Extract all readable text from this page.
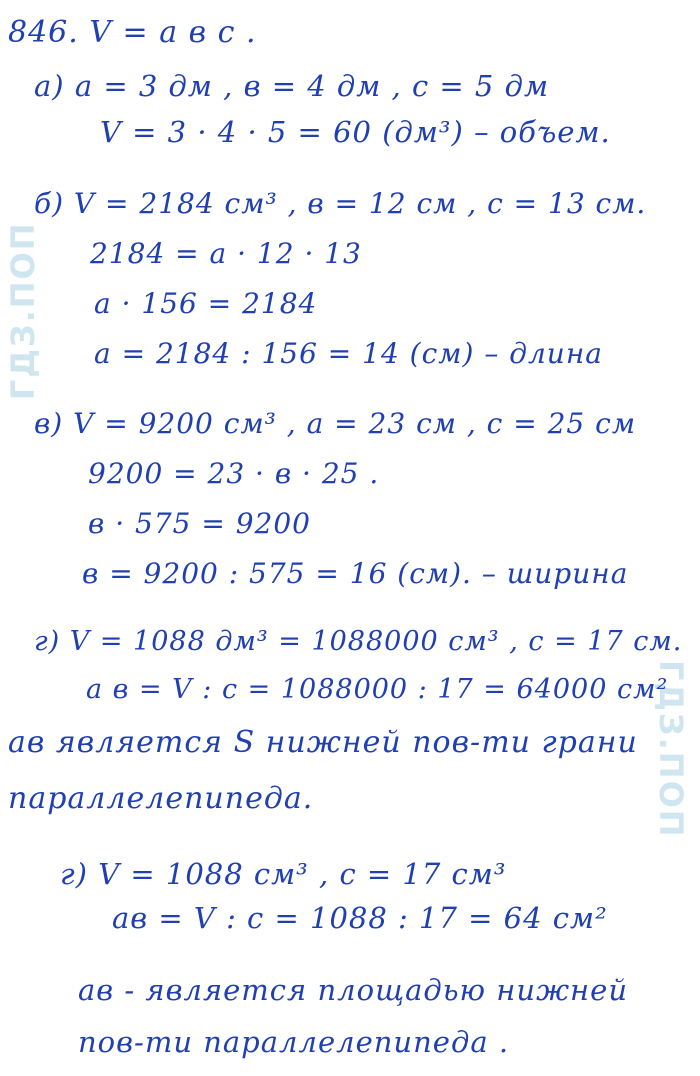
ГДЗ.ПОП
ГДЗ.ПОП
846. V = a в c .
а) a = 3 дм , в = 4 дм , c = 5 дм
V = 3 · 4 · 5 = 60 (дм³) – объем.
б) V = 2184 см³ , в = 12 см , c = 13 см.
2184 = a · 12 · 13
a · 156 = 2184
a = 2184 : 156 = 14 (см) – длина
в) V = 9200 см³ , a = 23 см , c = 25 см
9200 = 23 · в · 25 .
в · 575 = 9200
в = 9200 : 575 = 16 (см). – ширина
г) V = 1088 дм³ = 1088000 см³ , c = 17 см.
a в = V : c = 1088000 : 17 = 64000 см²
aв является S нижней пов-ти грани
параллелепипеда.
г) V = 1088 см³ , c = 17 см³
aв = V : c = 1088 : 17 = 64 см²
aв - является площадью нижней
пов-ти параллелепипеда .
